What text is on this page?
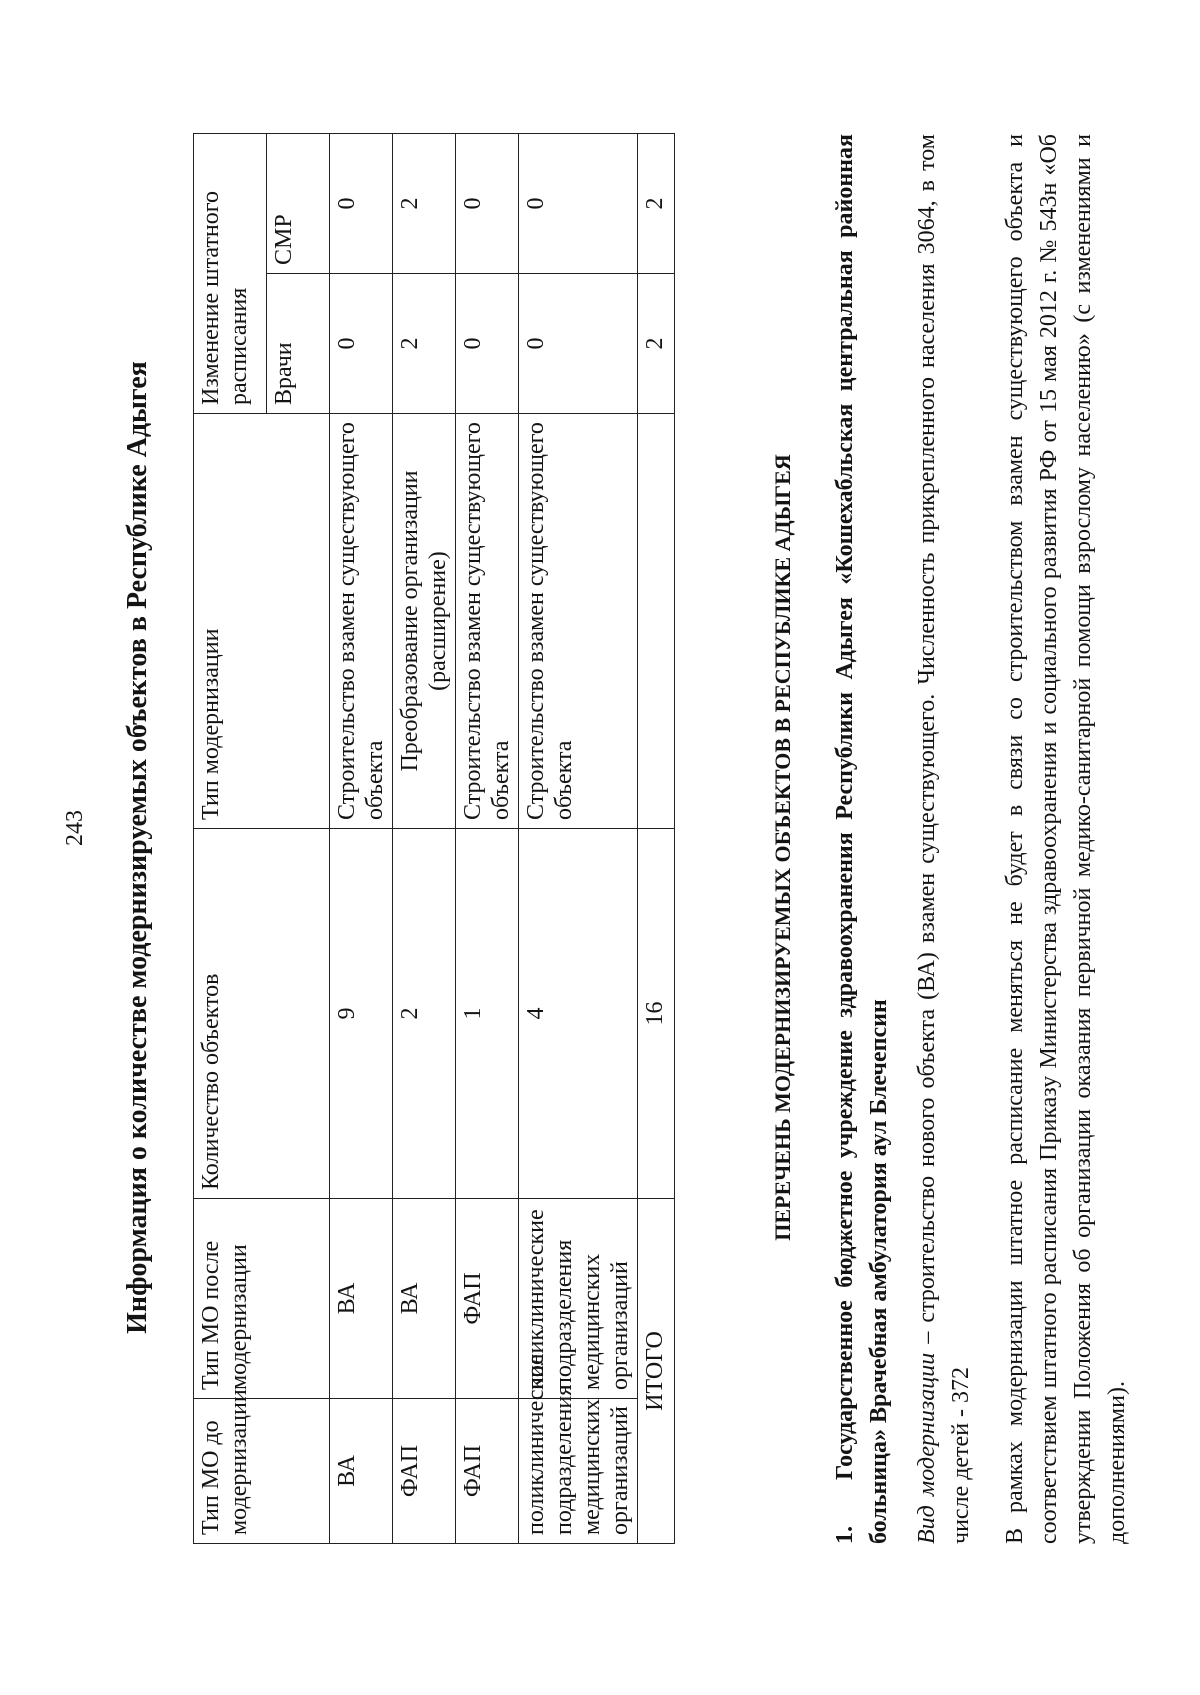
243 Информация о количестве модернизируемых объектов в Республике Адыгея
Тип МО до модернизации	Тип МО после модернизации	Количество объектов	Тип модернизации	Изменение штатного расписания	
				Врачи	СМР
ВА	ВА	9	Строительство взамен существующего объекта	0	0
ФАП	ВА	2	Преобразование организации (расширение)	2	2
ФАП	ФАП	1	Строительство взамен существующего объекта	0	0
поликлинические подразделения медицинских организаций	поликлинические подразделения медицинских организаций	4	Строительство взамен существующего объекта	0	0
ИТОГО		16		2	2
ПЕРЕЧЕНЬ МОДЕРНИЗИРУЕМЫХ ОБЪЕКТОВ В РЕСПУБЛИКЕ АДЫГЕЯ
1.Государственное бюджетное учреждение здравоохранения Республики Адыгея «Кошехабльская центральная районная больница» Врачебная амбулатория аул Блечепсин Вид модернизации – строительство нового объекта (ВА) взамен существующего. Численность прикрепленного населения 3064, в том числе детей - 372 В рамках модернизации штатное расписание меняться не будет в связи со строительством взамен существующего объекта и соответствием штатного расписания Приказу Министерства здравоохранения и социального развития РФ от 15 мая 2012 г. № 543н «Об утверждении Положения об организации оказания первичной медико-санитарной помощи взрослому населению» (с изменениями и дополнениями).
